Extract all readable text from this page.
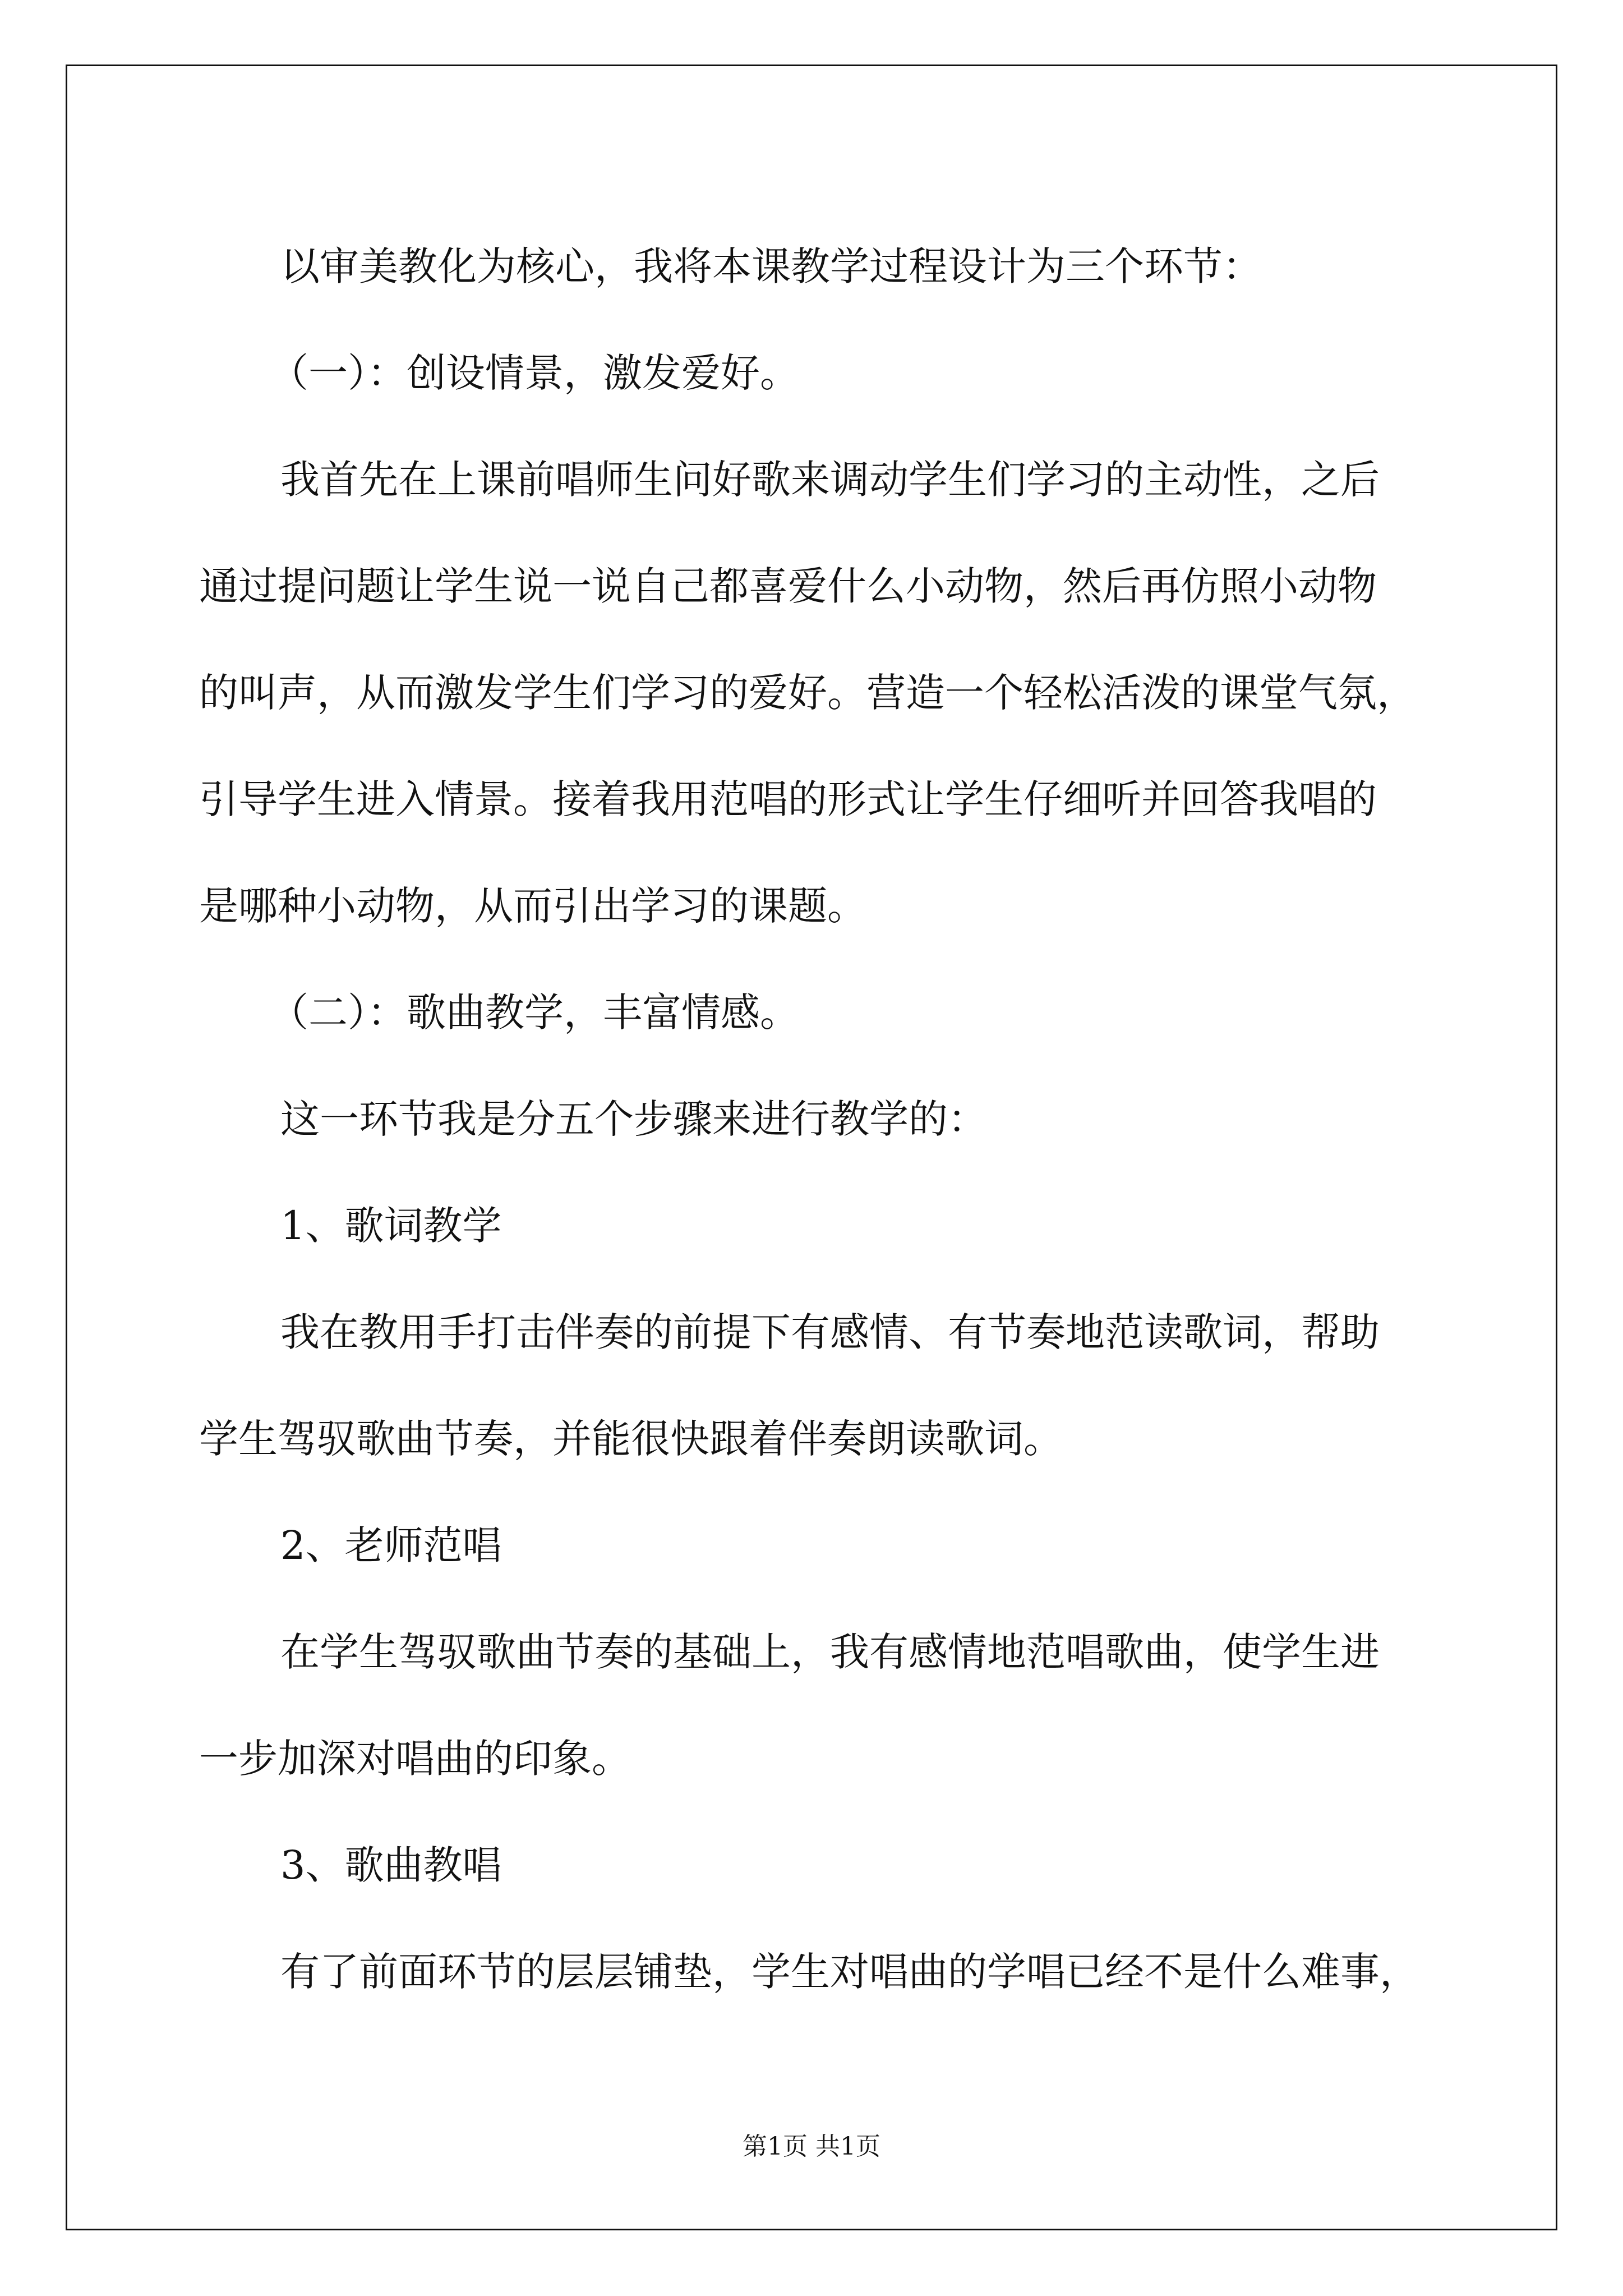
以审美教化为核心，我将本课教学过程设计为三个环节：
（一）：创设情景，激发爱好。
我首先在上课前唱师生问好歌来调动学生们学习的主动性，之后
通过提问题让学生说一说自己都喜爱什么小动物，然后再仿照小动物
的叫声，从而激发学生们学习的爱好。营造一个轻松活泼的课堂气氛，
引导学生进入情景。接着我用范唱的形式让学生仔细听并回答我唱的
是哪种小动物，从而引出学习的课题。
（二）：歌曲教学，丰富情感。
这一环节我是分五个步骤来进行教学的：
1、歌词教学
我在教用手打击伴奏的前提下有感情、有节奏地范读歌词，帮助
学生驾驭歌曲节奏，并能很快跟着伴奏朗读歌词。
2、老师范唱
在学生驾驭歌曲节奏的基础上，我有感情地范唱歌曲，使学生进
一步加深对唱曲的印象。
3、歌曲教唱
有了前面环节的层层铺垫，学生对唱曲的学唱已经不是什么难事，
第1页 共1页
